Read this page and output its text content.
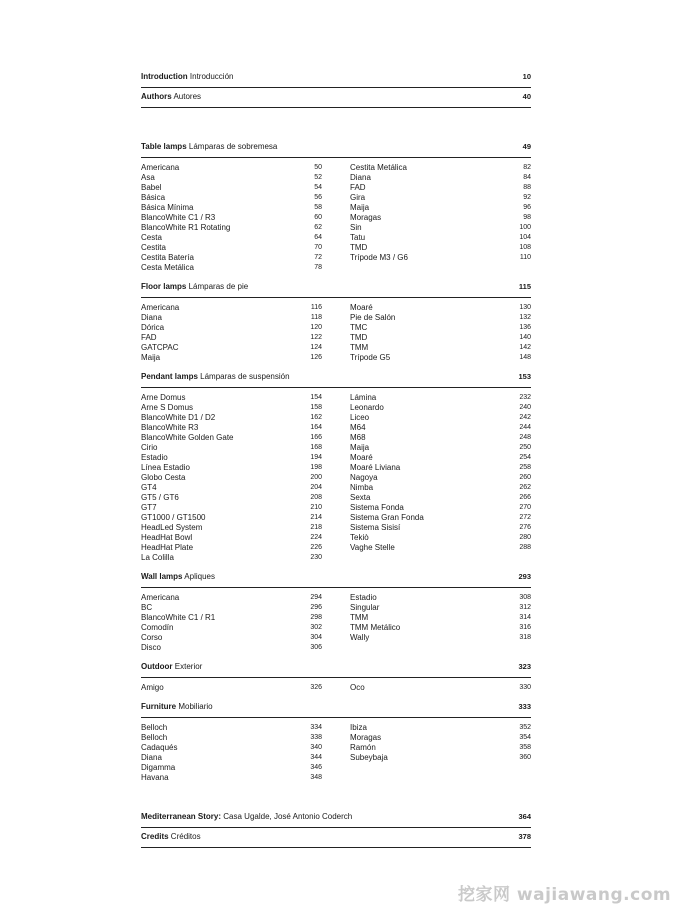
Introduction Introducción	10
Authors Autores	40
Table lamps Lámparas de sobremesa	49
Americana	50
Asa	52
Babel	54
Básica	56
Básica Mínima	58
BlancoWhite C1 / R3	60
BlancoWhite R1 Rotating	62
Cesta	64
Cestita	70
Cestita Batería	72
Cesta Metálica	78
Cestita Metálica	82
Diana	84
FAD	88
Gira	92
Maija	96
Moragas	98
Sin	100
Tatu	104
TMD	108
Trípode M3 / G6	110
Floor lamps Lámparas de pie	115
Americana	116
Diana	118
Dórica	120
FAD	122
GATCPAC	124
Maija	126
Moaré	130
Pie de Salón	132
TMC	136
TMD	140
TMM	142
Trípode G5	148
Pendant lamps Lámparas de suspensión	153
Arne Domus	154
Arne S Domus	158
BlancoWhite D1 / D2	162
BlancoWhite R3	164
BlancoWhite Golden Gate	166
Cirio	168
Estadio	194
Línea Estadio	198
Globo Cesta	200
GT4	204
GT5 / GT6	208
GT7	210
GT1000 / GT1500	214
HeadLed System	218
HeadHat Bowl	224
HeadHat Plate	226
La Colilla	230
Lámina	232
Leonardo	240
Liceo	242
M64	244
M68	248
Maija	250
Moaré	254
Moaré Liviana	258
Nagoya	260
Nimba	262
Sexta	266
Sistema Fonda	270
Sistema Gran Fonda	272
Sistema Sisisí	276
Tekiò	280
Vaghe Stelle	288
Wall lamps Apliques	293
Americana	294
BC	296
BlancoWhite C1 / R1	298
Comodín	302
Corso	304
Disco	306
Estadio	308
Singular	312
TMM	314
TMM Metálico	316
Wally	318
Outdoor Exterior	323
Amigo	326	Oco	330
Furniture Mobiliario	333
Belloch	334
Belloch	338
Cadaqués	340
Diana	344
Digamma	346
Havana	348
Ibiza	352
Moragas	354
Ramón	358
Subeybaja	360
Mediterranean Story: Casa Ugalde, José Antonio Coderch	364
Credits Créditos	378
挖家网 wajiawang.com
